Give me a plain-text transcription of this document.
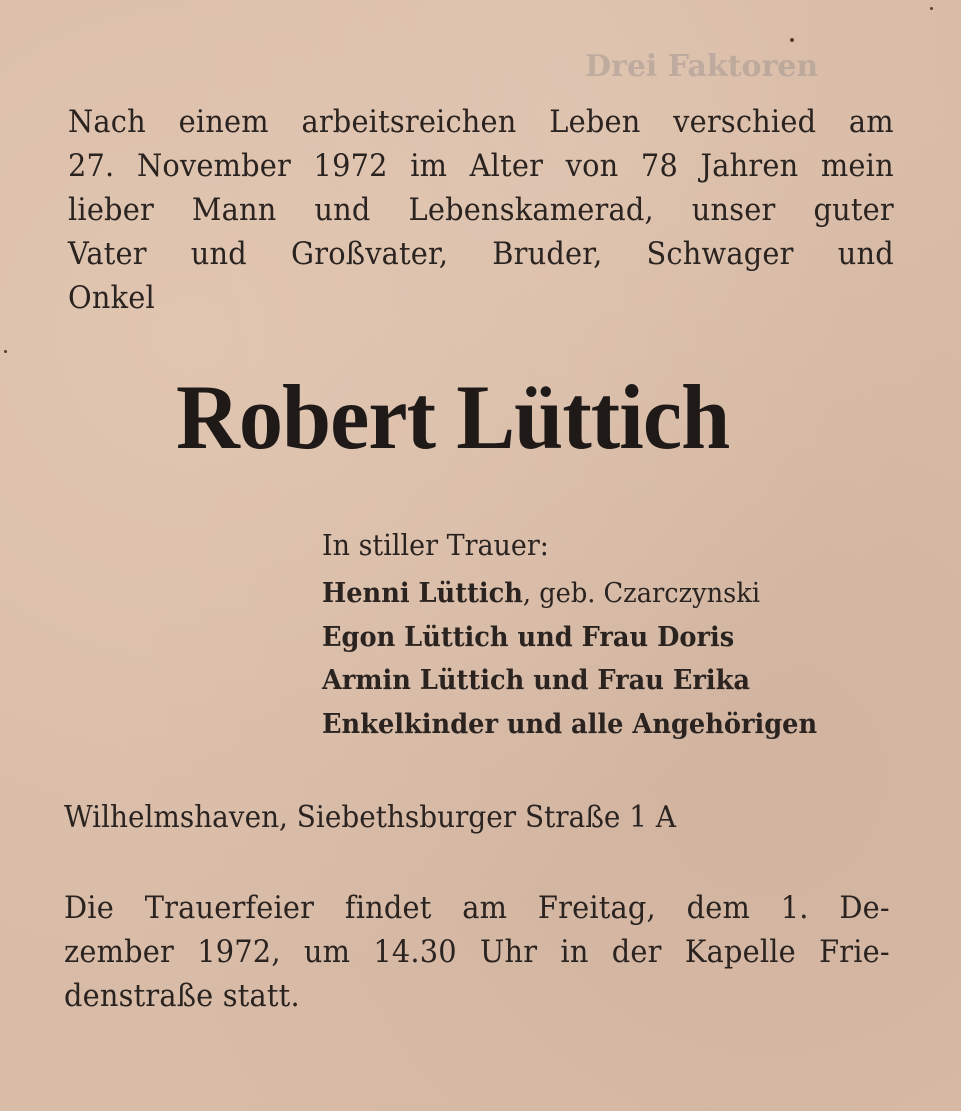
Drei Faktoren
Nach einem arbeitsreichen Leben verschied am
27. November 1972 im Alter von 78 Jahren mein
lieber Mann und Lebenskamerad, unser guter
Vater und Großvater, Bruder, Schwager und
Onkel
Robert Lüttich
In stiller Trauer:
Henni Lüttich, geb. Czarczynski
Egon Lüttich und Frau Doris
Armin Lüttich und Frau Erika
Enkelkinder und alle Angehörigen
Wilhelmshaven, Siebethsburger Straße 1 A
Die Trauerfeier findet am Freitag, dem 1. De-
zember 1972, um 14.30 Uhr in der Kapelle Frie-
denstraße statt.
